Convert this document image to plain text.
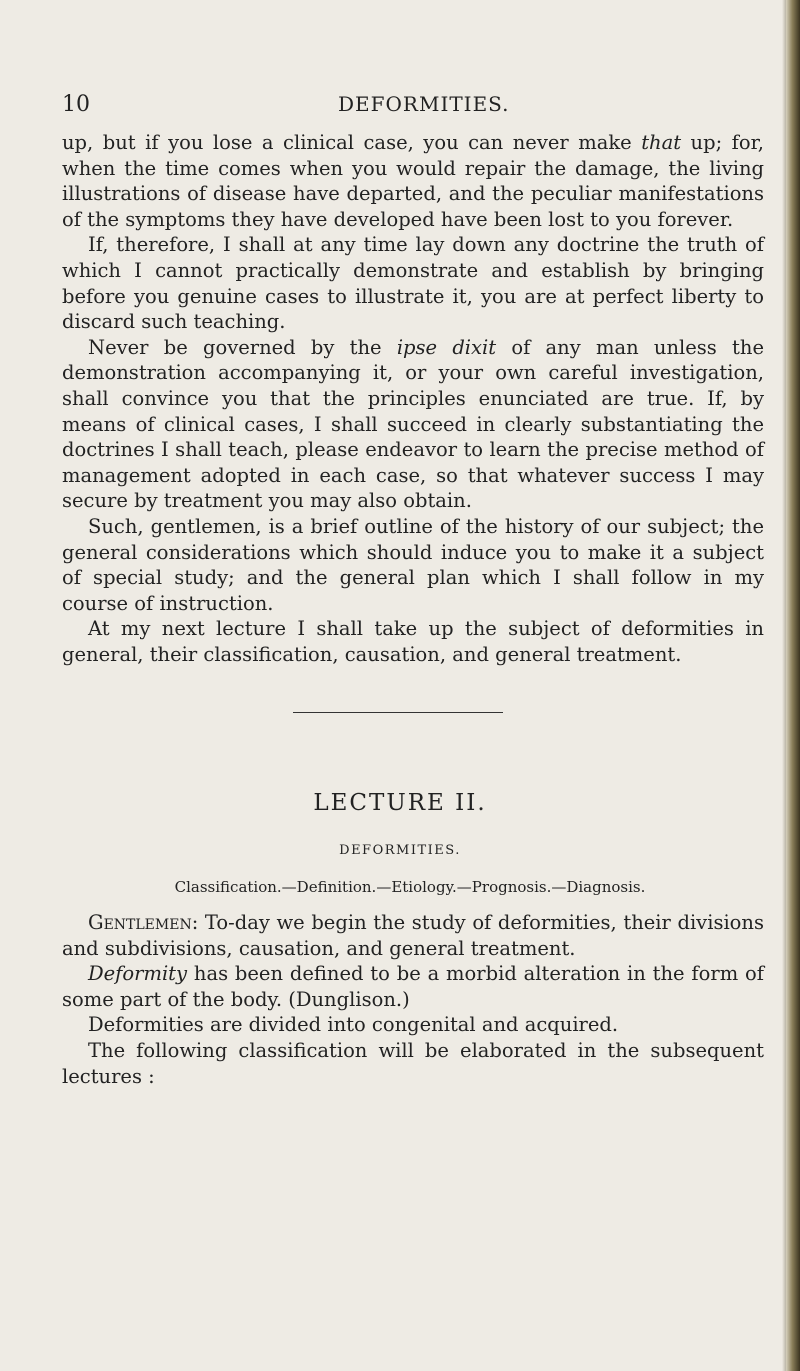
10	DEFORMITIES.

up, but if you lose a clinical case, you can never make that up; for, when the time comes when you would repair the damage, the living illustrations of disease have departed, and the peculiar manifestations of the symptoms they have developed have been lost to you forever.

If, therefore, I shall at any time lay down any doctrine the truth of which I cannot practically demonstrate and establish by bringing before you genuine cases to illustrate it, you are at perfect liberty to discard such teaching.

Never be governed by the ipse dixit of any man unless the demonstration accompanying it, or your own careful investigation, shall convince you that the principles enunciated are true. If, by means of clinical cases, I shall succeed in clearly substantiating the doctrines I shall teach, please endeavor to learn the precise method of management adopted in each case, so that whatever success I may secure by treatment you may also obtain.

Such, gentlemen, is a brief outline of the history of our subject; the general considerations which should induce you to make it a subject of special study; and the general plan which I shall follow in my course of instruction.

At my next lecture I shall take up the subject of deformities in general, their classification, causation, and general treatment.

LECTURE II.
DEFORMITIES.
Classification.—Definition.—Etiology.—Prognosis.—Diagnosis.

Gentlemen: To-day we begin the study of deformities, their divisions and subdivisions, causation, and general treatment.

Deformity has been defined to be a morbid alteration in the form of some part of the body. (Dunglison.)

Deformities are divided into congenital and acquired.

The following classification will be elaborated in the subsequent lectures :
